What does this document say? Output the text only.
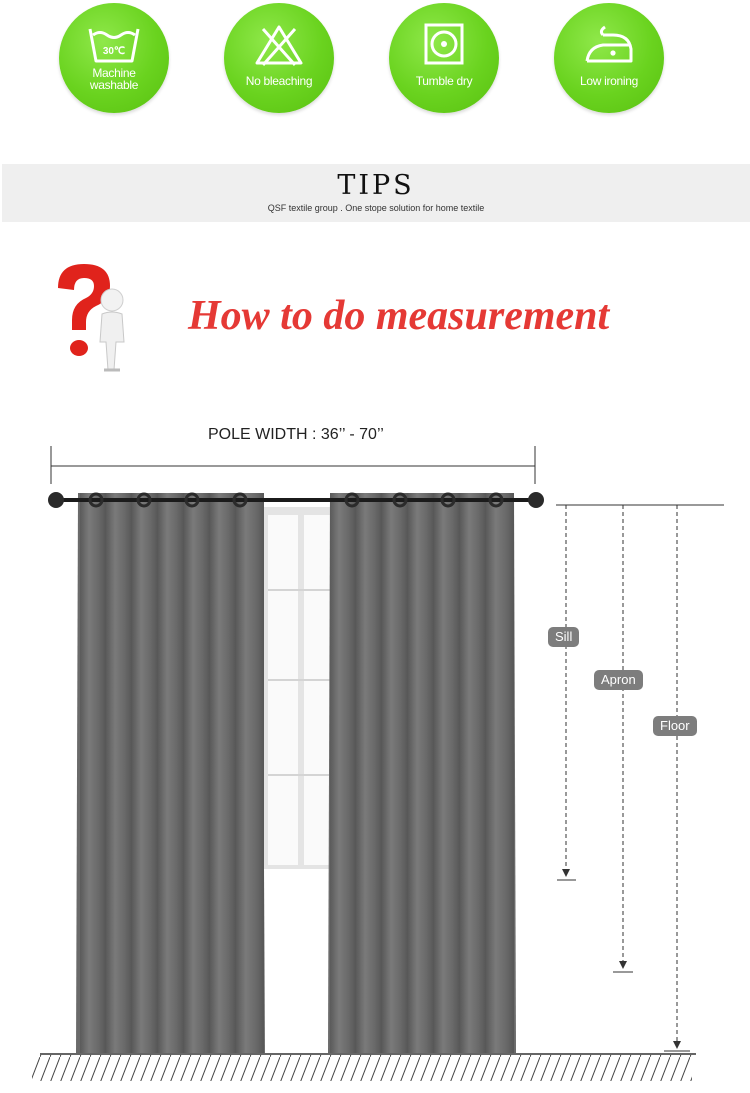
30℃
Machine
washable	No bleaching	Tumble dry	Low ironing
TIPS
QSF textile group . One stope solution for home textile
How to do measurement
POLE WIDTH : 36’’ - 70’’
Sill
Apron
Floor
